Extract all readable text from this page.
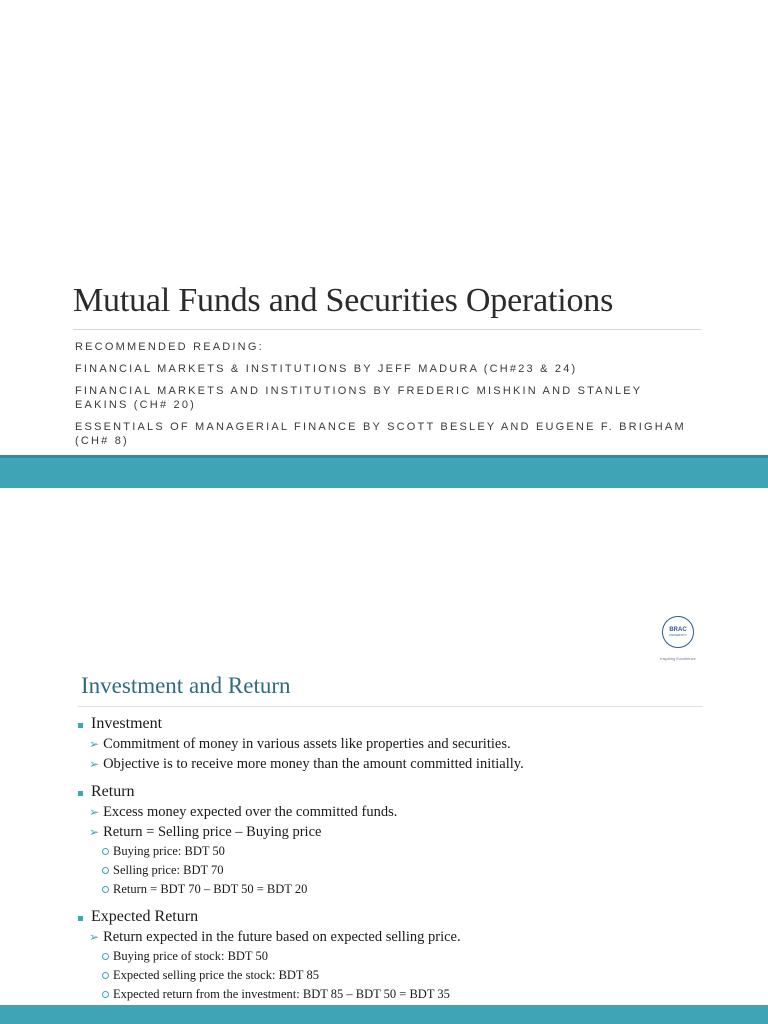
Mutual Funds and Securities Operations

RECOMMENDED READING:

FINANCIAL MARKETS & INSTITUTIONS BY JEFF MADURA (CH#23 & 24)

FINANCIAL MARKETS AND INSTITUTIONS BY FREDERIC MISHKIN AND STANLEY EAKINS (CH# 20)

ESSENTIALS OF MANAGERIAL FINANCE BY SCOTT BESLEY AND EUGENE F. BRIGHAM (CH# 8)

BRAC
UNIVERSITY
Inspiring Excellence
Investment and Return
Investment
➢ Commitment of money in various assets like properties and securities.
➢ Objective is to receive more money than the amount committed initially.
Return
➢ Excess money expected over the committed funds.
➢ Return = Selling price – Buying price
Buying price: BDT 50
Selling price: BDT 70
Return = BDT 70 – BDT 50 = BDT 20
Expected Return
➢ Return expected in the future based on expected selling price.
Buying price of stock: BDT 50
Expected selling price the stock: BDT 85
Expected return from the investment: BDT 85 – BDT 50 = BDT 35
